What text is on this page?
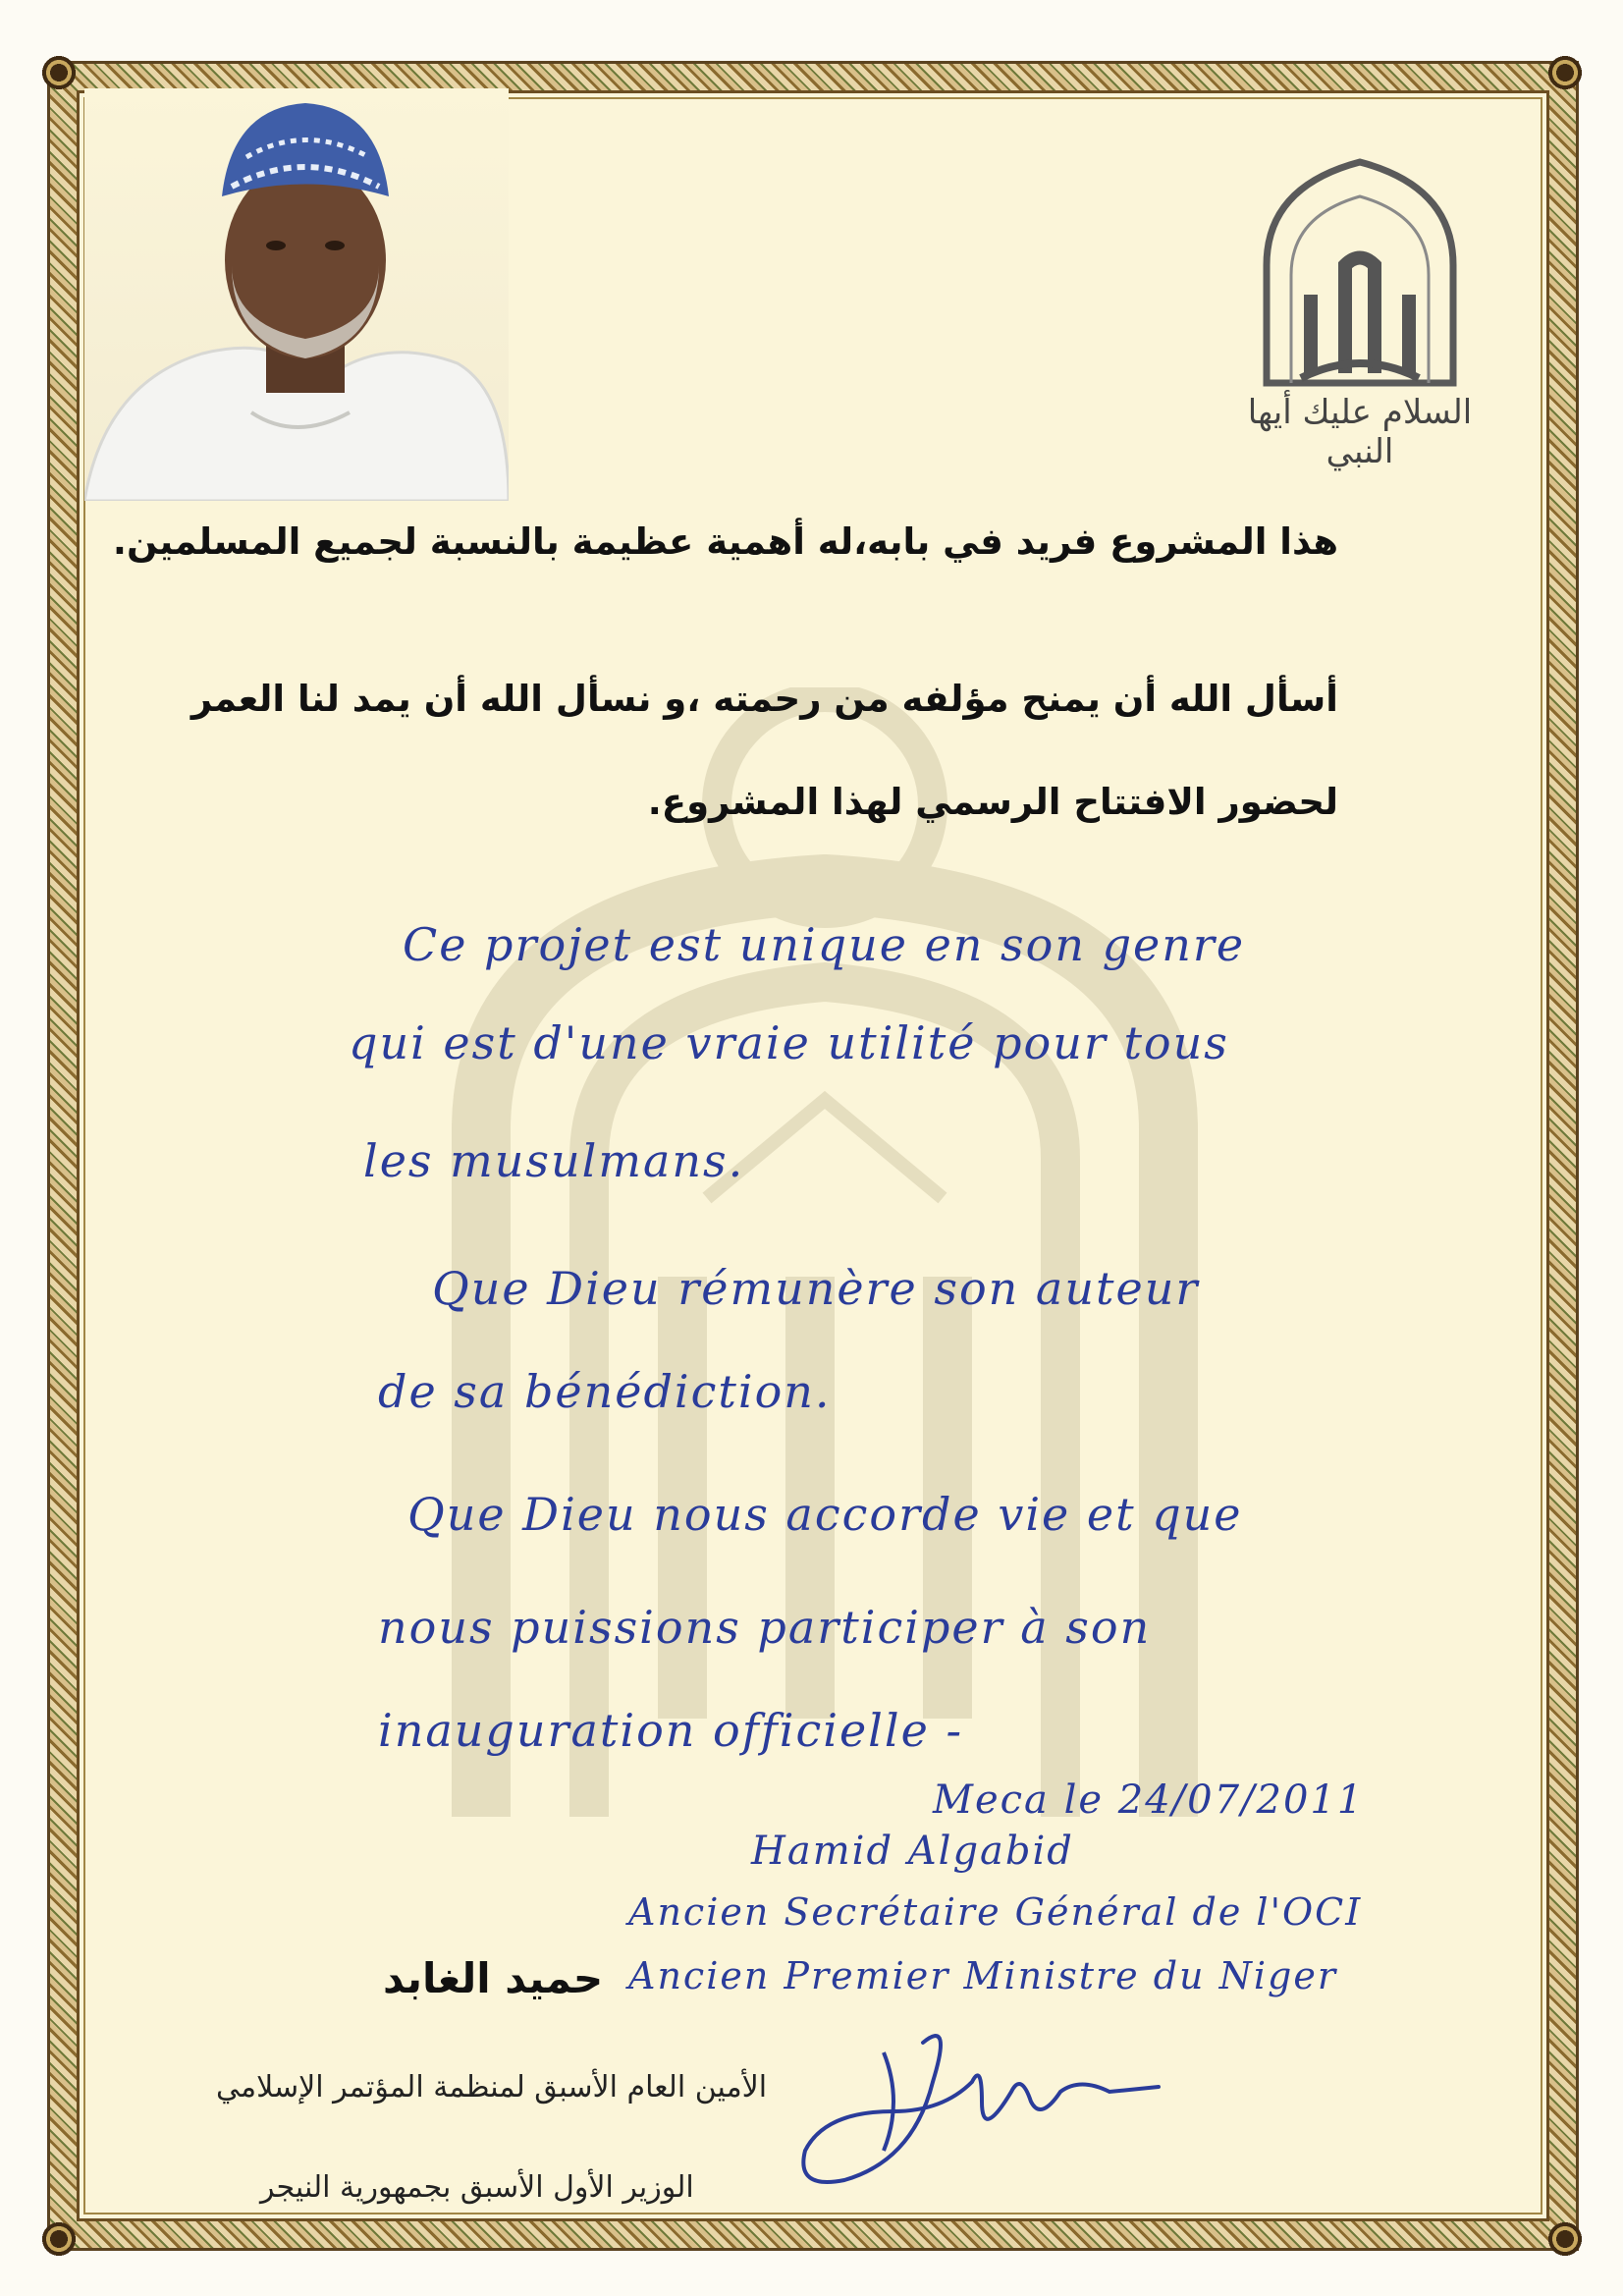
السلام عليك أيها النبي
هذا المشروع فريد في بابه،له أهمية عظيمة بالنسبة لجميع المسلمين.
أسأل الله أن يمنح مؤلفه من رحمته ،و نسأل الله أن يمد لنا العمر
لحضور الافتتاح الرسمي لهذا المشروع.
Ce projet est unique en son genre
qui est d'une vraie utilité pour tous
les musulmans.
Que Dieu rémunère son auteur
de sa bénédiction.
Que Dieu nous accorde vie et que
nous puissions participer à son
inauguration officielle -
Meca le 24/07/2011
Hamid Algabid
Ancien Secrétaire Général de l'OCI
Ancien Premier Ministre du Niger
حميد الغابد
الأمين العام الأسبق لمنظمة المؤتمر الإسلامي
الوزير الأول الأسبق بجمهورية النيجر
